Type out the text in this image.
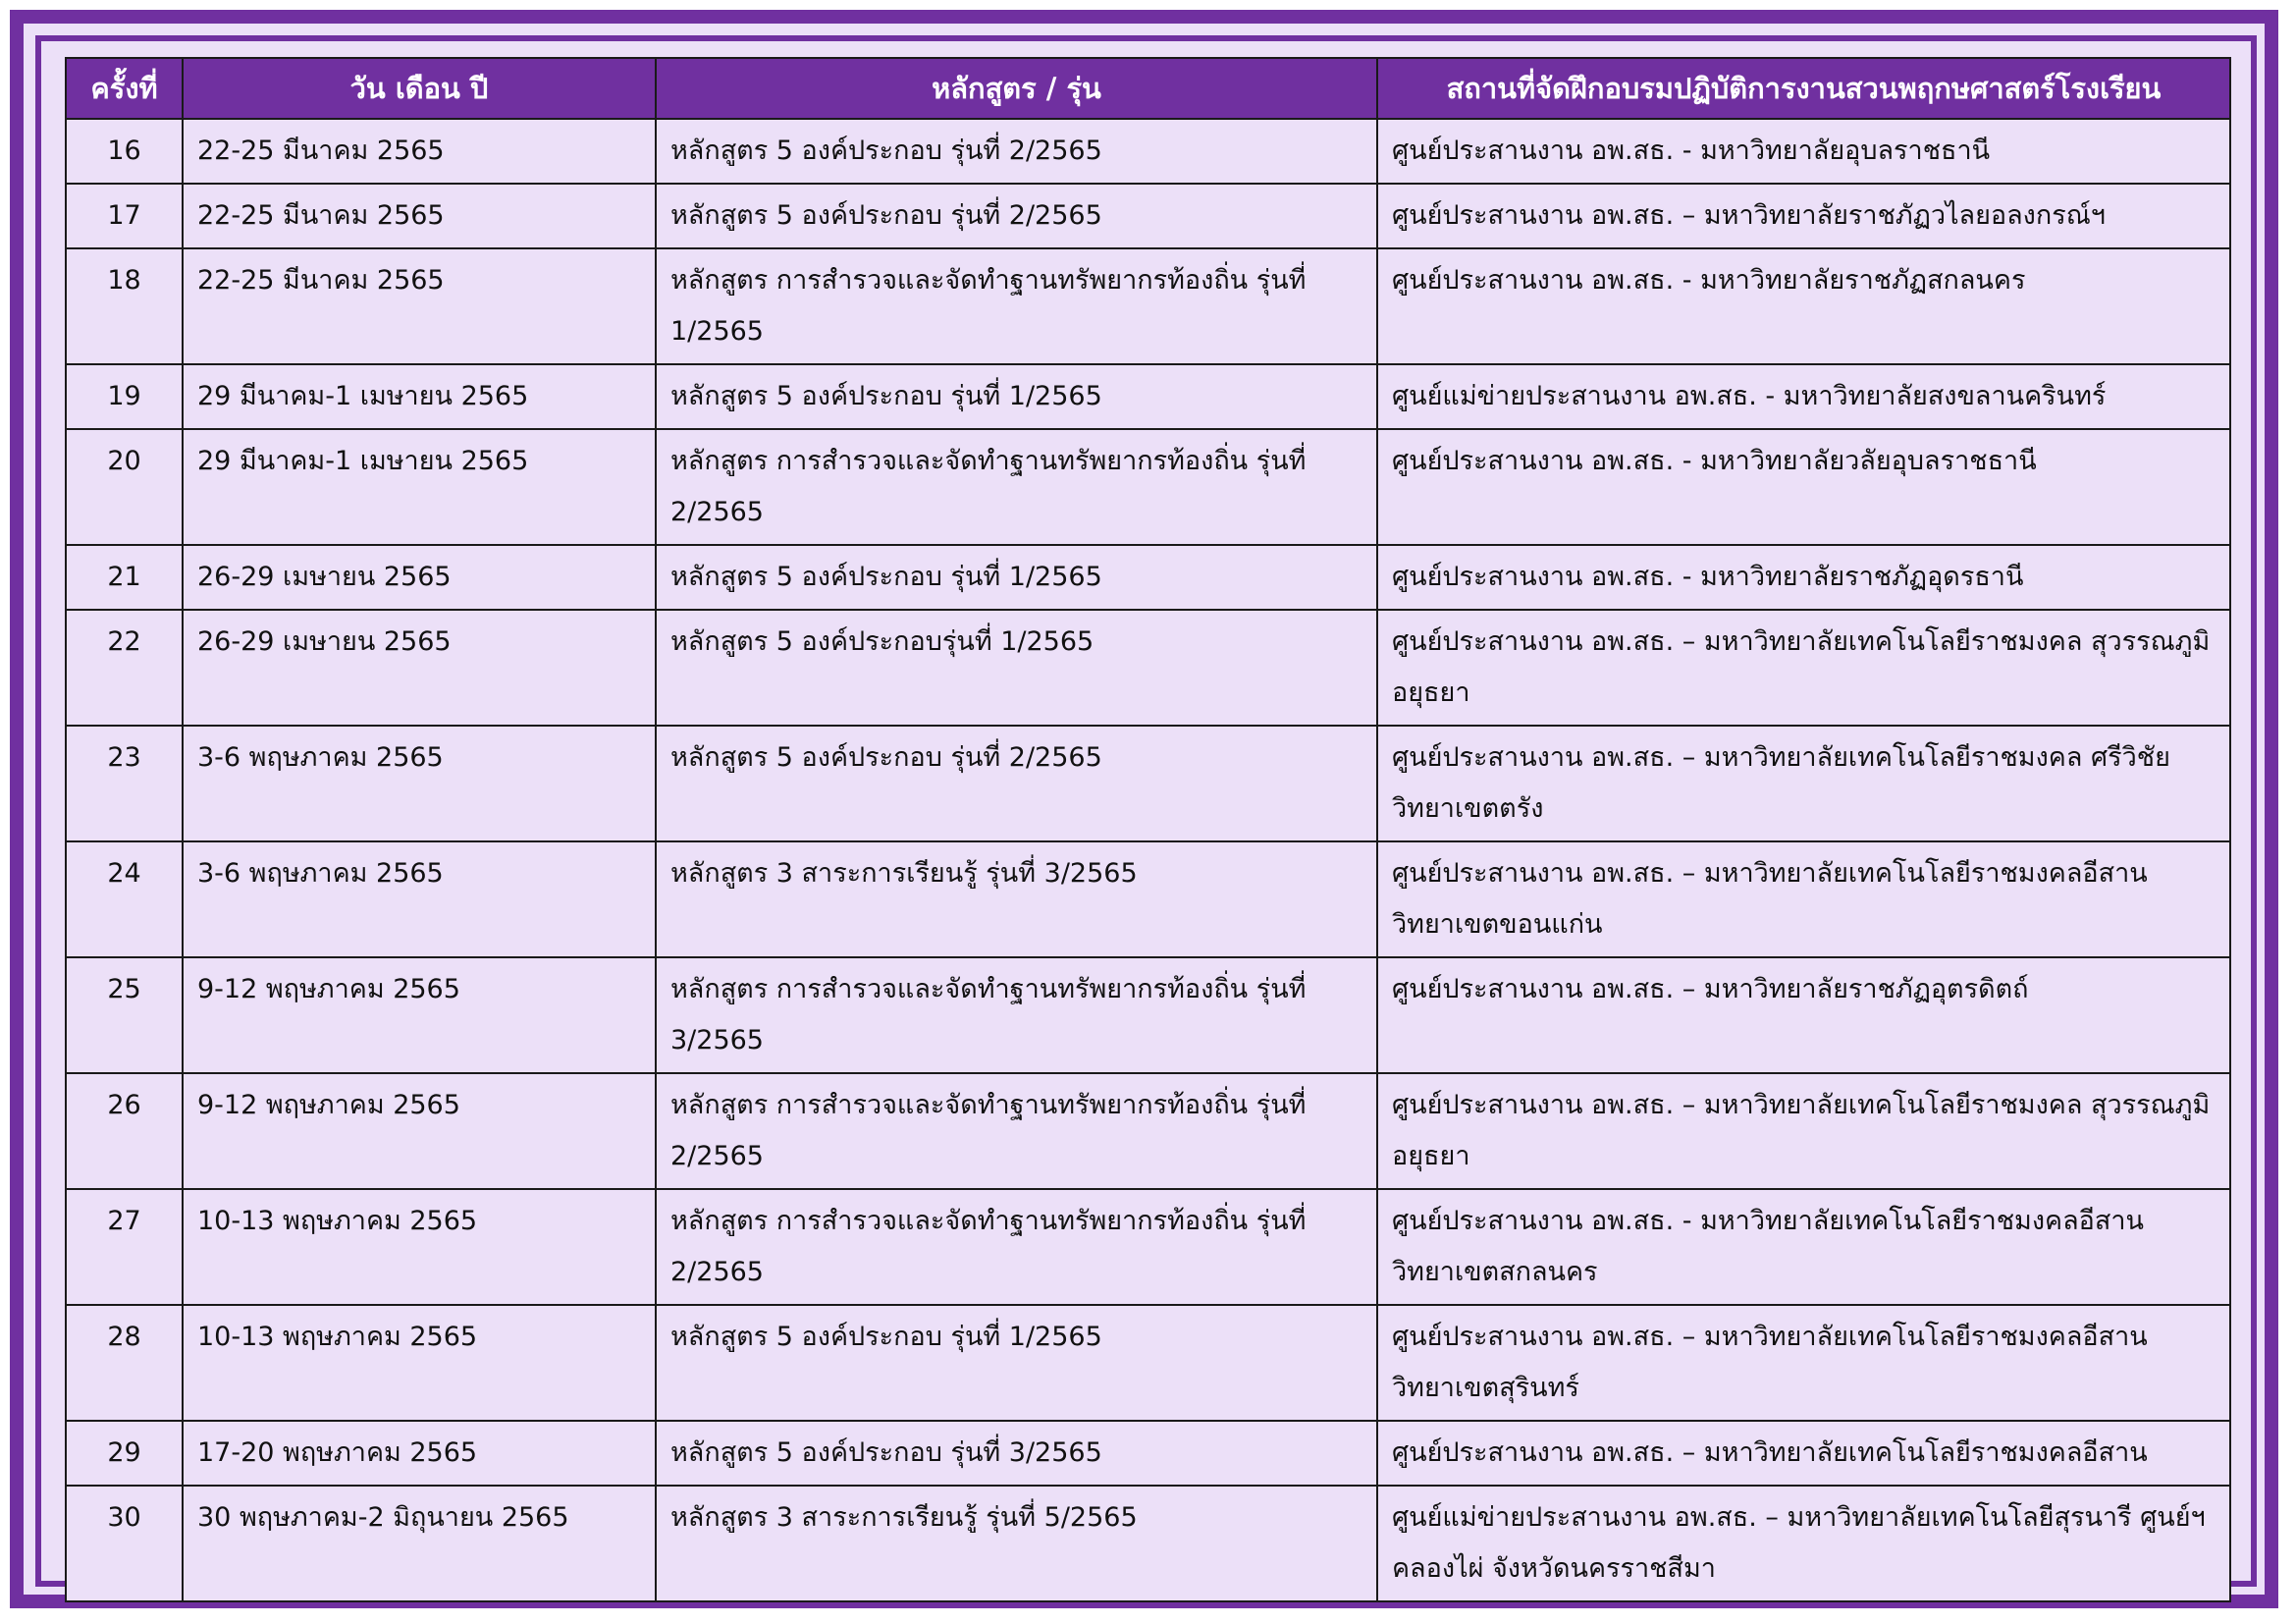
ครั้งที่	วัน เดือน ปี	หลักสูตร / รุ่น	สถานที่จัดฝึกอบรมปฏิบัติการงานสวนพฤกษศาสตร์โรงเรียน
16	22-25 มีนาคม 2565	หลักสูตร 5 องค์ประกอบ รุ่นที่ 2/2565	ศูนย์ประสานงาน อพ.สธ. - มหาวิทยาลัยอุบลราชธานี
17	22-25 มีนาคม 2565	หลักสูตร 5 องค์ประกอบ รุ่นที่ 2/2565	ศูนย์ประสานงาน อพ.สธ. – มหาวิทยาลัยราชภัฏวไลยอลงกรณ์ฯ
18	22-25 มีนาคม 2565	หลักสูตร การสำรวจและจัดทำฐานทรัพยากรท้องถิ่น รุ่นที่ 1/2565	ศูนย์ประสานงาน อพ.สธ. - มหาวิทยาลัยราชภัฏสกลนคร
19	29 มีนาคม-1 เมษายน 2565	หลักสูตร 5 องค์ประกอบ รุ่นที่ 1/2565	ศูนย์แม่ข่ายประสานงาน อพ.สธ. - มหาวิทยาลัยสงขลานครินทร์
20	29 มีนาคม-1 เมษายน 2565	หลักสูตร การสำรวจและจัดทำฐานทรัพยากรท้องถิ่น รุ่นที่ 2/2565	ศูนย์ประสานงาน อพ.สธ. - มหาวิทยาลัยวลัยอุบลราชธานี
21	26-29 เมษายน 2565	หลักสูตร 5 องค์ประกอบ รุ่นที่ 1/2565	ศูนย์ประสานงาน อพ.สธ. - มหาวิทยาลัยราชภัฏอุดรธานี
22	26-29 เมษายน 2565	หลักสูตร 5 องค์ประกอบรุ่นที่ 1/2565	ศูนย์ประสานงาน อพ.สธ. – มหาวิทยาลัยเทคโนโลยีราชมงคล สุวรรณภูมิ อยุธยา
23	3-6 พฤษภาคม 2565	หลักสูตร 5 องค์ประกอบ รุ่นที่ 2/2565	ศูนย์ประสานงาน อพ.สธ. – มหาวิทยาลัยเทคโนโลยีราชมงคล ศรีวิชัย วิทยาเขตตรัง
24	3-6 พฤษภาคม 2565	หลักสูตร 3 สาระการเรียนรู้ รุ่นที่ 3/2565	ศูนย์ประสานงาน อพ.สธ. – มหาวิทยาลัยเทคโนโลยีราชมงคลอีสาน วิทยาเขตขอนแก่น
25	9-12 พฤษภาคม 2565	หลักสูตร การสำรวจและจัดทำฐานทรัพยากรท้องถิ่น รุ่นที่ 3/2565	ศูนย์ประสานงาน อพ.สธ. – มหาวิทยาลัยราชภัฏอุตรดิตถ์
26	9-12 พฤษภาคม 2565	หลักสูตร การสำรวจและจัดทำฐานทรัพยากรท้องถิ่น รุ่นที่ 2/2565	ศูนย์ประสานงาน อพ.สธ. – มหาวิทยาลัยเทคโนโลยีราชมงคล สุวรรณภูมิ อยุธยา
27	10-13 พฤษภาคม 2565	หลักสูตร การสำรวจและจัดทำฐานทรัพยากรท้องถิ่น รุ่นที่ 2/2565	ศูนย์ประสานงาน อพ.สธ. - มหาวิทยาลัยเทคโนโลยีราชมงคลอีสาน วิทยาเขตสกลนคร
28	10-13 พฤษภาคม 2565	หลักสูตร 5 องค์ประกอบ รุ่นที่ 1/2565	ศูนย์ประสานงาน อพ.สธ. – มหาวิทยาลัยเทคโนโลยีราชมงคลอีสาน วิทยาเขตสุรินทร์
29	17-20 พฤษภาคม 2565	หลักสูตร 5 องค์ประกอบ รุ่นที่ 3/2565	ศูนย์ประสานงาน อพ.สธ. – มหาวิทยาลัยเทคโนโลยีราชมงคลอีสาน
30	30 พฤษภาคม-2 มิถุนายน 2565	หลักสูตร 3 สาระการเรียนรู้ รุ่นที่ 5/2565	ศูนย์แม่ข่ายประสานงาน อพ.สธ. – มหาวิทยาลัยเทคโนโลยีสุรนารี ศูนย์ฯ คลองไผ่ จังหวัดนครราชสีมา
